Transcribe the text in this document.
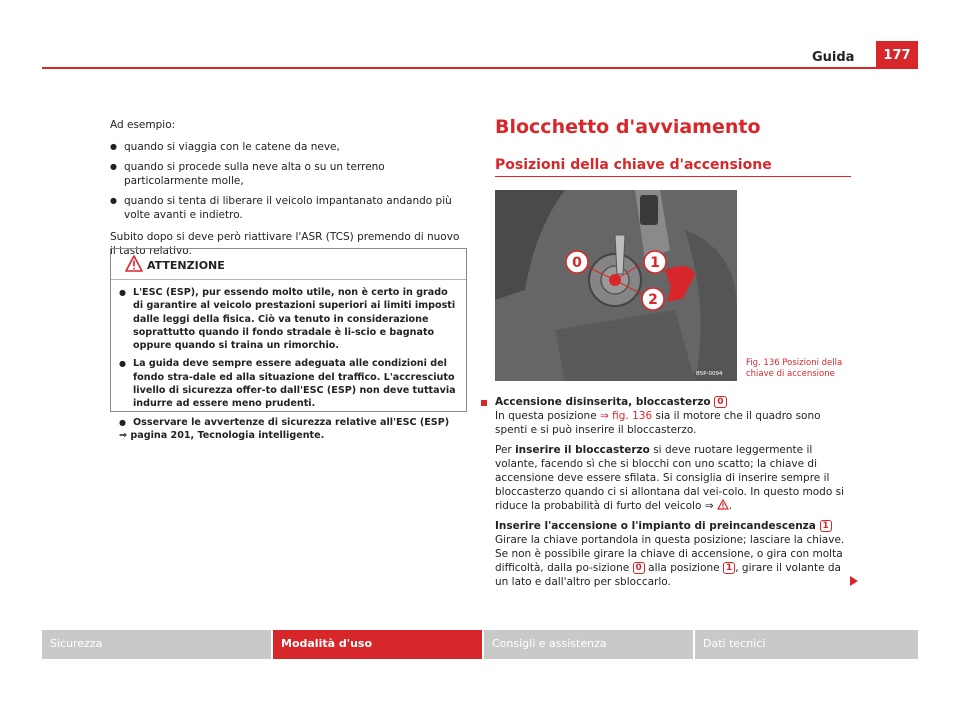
Guida	177

Ad esempio:

● quando si viaggia con le catene da neve,

● quando si procede sulla neve alta o su un terreno particolarmente molle,

● quando si tenta di liberare il veicolo impantanato andando più volte avanti e indietro.

Subito dopo si deve però riattivare l'ASR (TCS) premendo di nuovo il tasto relativo.

ATTENZIONE

● L'ESC (ESP), pur essendo molto utile, non è certo in grado di garantire al veicolo prestazioni superiori ai limiti imposti dalle leggi della fisica. Ciò va tenuto in considerazione soprattutto quando il fondo stradale è li-scio e bagnato oppure quando si traina un rimorchio.

● La guida deve sempre essere adeguata alle condizioni del fondo stra-dale ed alla situazione del traffico. L'accresciuto livello di sicurezza offer-to dall'ESC (ESP) non deve tuttavia indurre ad essere meno prudenti.

● Osservare le avvertenze di sicurezza relative all'ESC (ESP)

⇒ pagina 201, Tecnologia intelligente.

Blocchetto d'avviamento
Posizioni della chiave d'accensione
0	1
2
B5P-0094
Fig. 136 Posizioni della
chiave di accensione

Accensione disinserita, bloccasterzo 0

In questa posizione ⇒ fig. 136 sia il motore che il quadro sono spenti e si può inserire il bloccasterzo.

Per inserire il bloccasterzo si deve ruotare leggermente il volante, facendo sì che si blocchi con uno scatto; la chiave di accensione deve essere sfilata. Si consiglia di inserire sempre il bloccasterzo quando ci si allontana dal vei-colo. In questo modo si riduce la probabilità di furto del veicolo ⇒ .

Inserire l'accensione o l'impianto di preincandescenza 1

Girare la chiave portandola in questa posizione; lasciare la chiave. Se non è possibile girare la chiave di accensione, o gira con molta difficoltà, dalla po-sizione 0 alla posizione 1 , girare il volante da un lato e dall'altro per sbloccarlo.

Sicurezza	Modalità d'uso	Consigli e assistenza	Dati tecnici
